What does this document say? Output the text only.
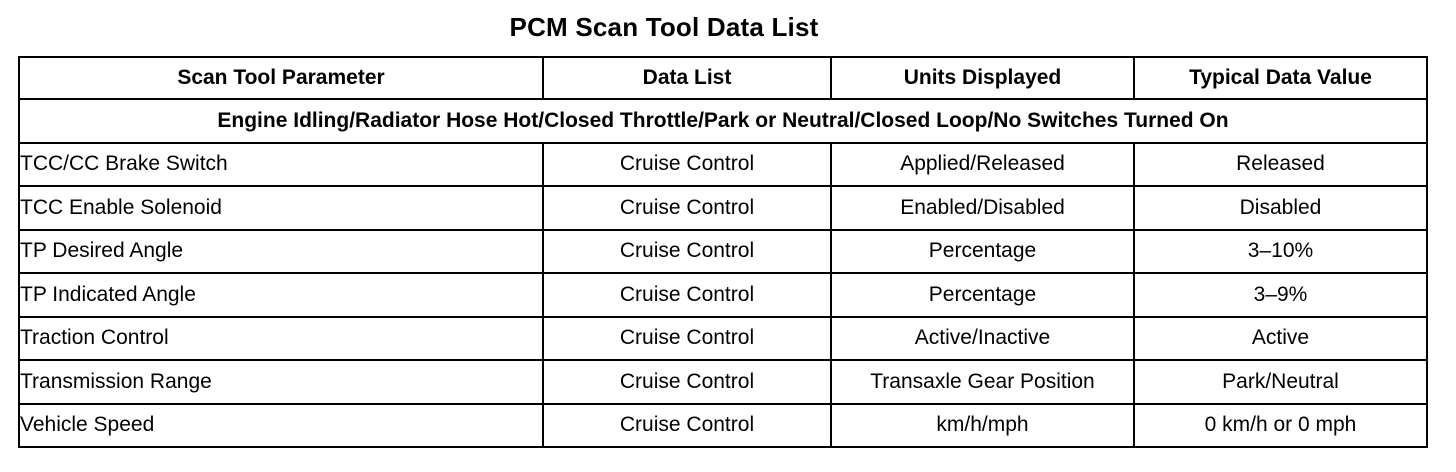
PCM Scan Tool Data List
Scan Tool Parameter	Data List	Units Displayed	Typical Data Value
Engine Idling/Radiator Hose Hot/Closed Throttle/Park or Neutral/Closed Loop/No Switches Turned On			
TCC/CC Brake Switch	Cruise Control	Applied/Released	Released
TCC Enable Solenoid	Cruise Control	Enabled/Disabled	Disabled
TP Desired Angle	Cruise Control	Percentage	3–10%
TP Indicated Angle	Cruise Control	Percentage	3–9%
Traction Control	Cruise Control	Active/Inactive	Active
Transmission Range	Cruise Control	Transaxle Gear Position	Park/Neutral
Vehicle Speed	Cruise Control	km/h/mph	0 km/h or 0 mph
